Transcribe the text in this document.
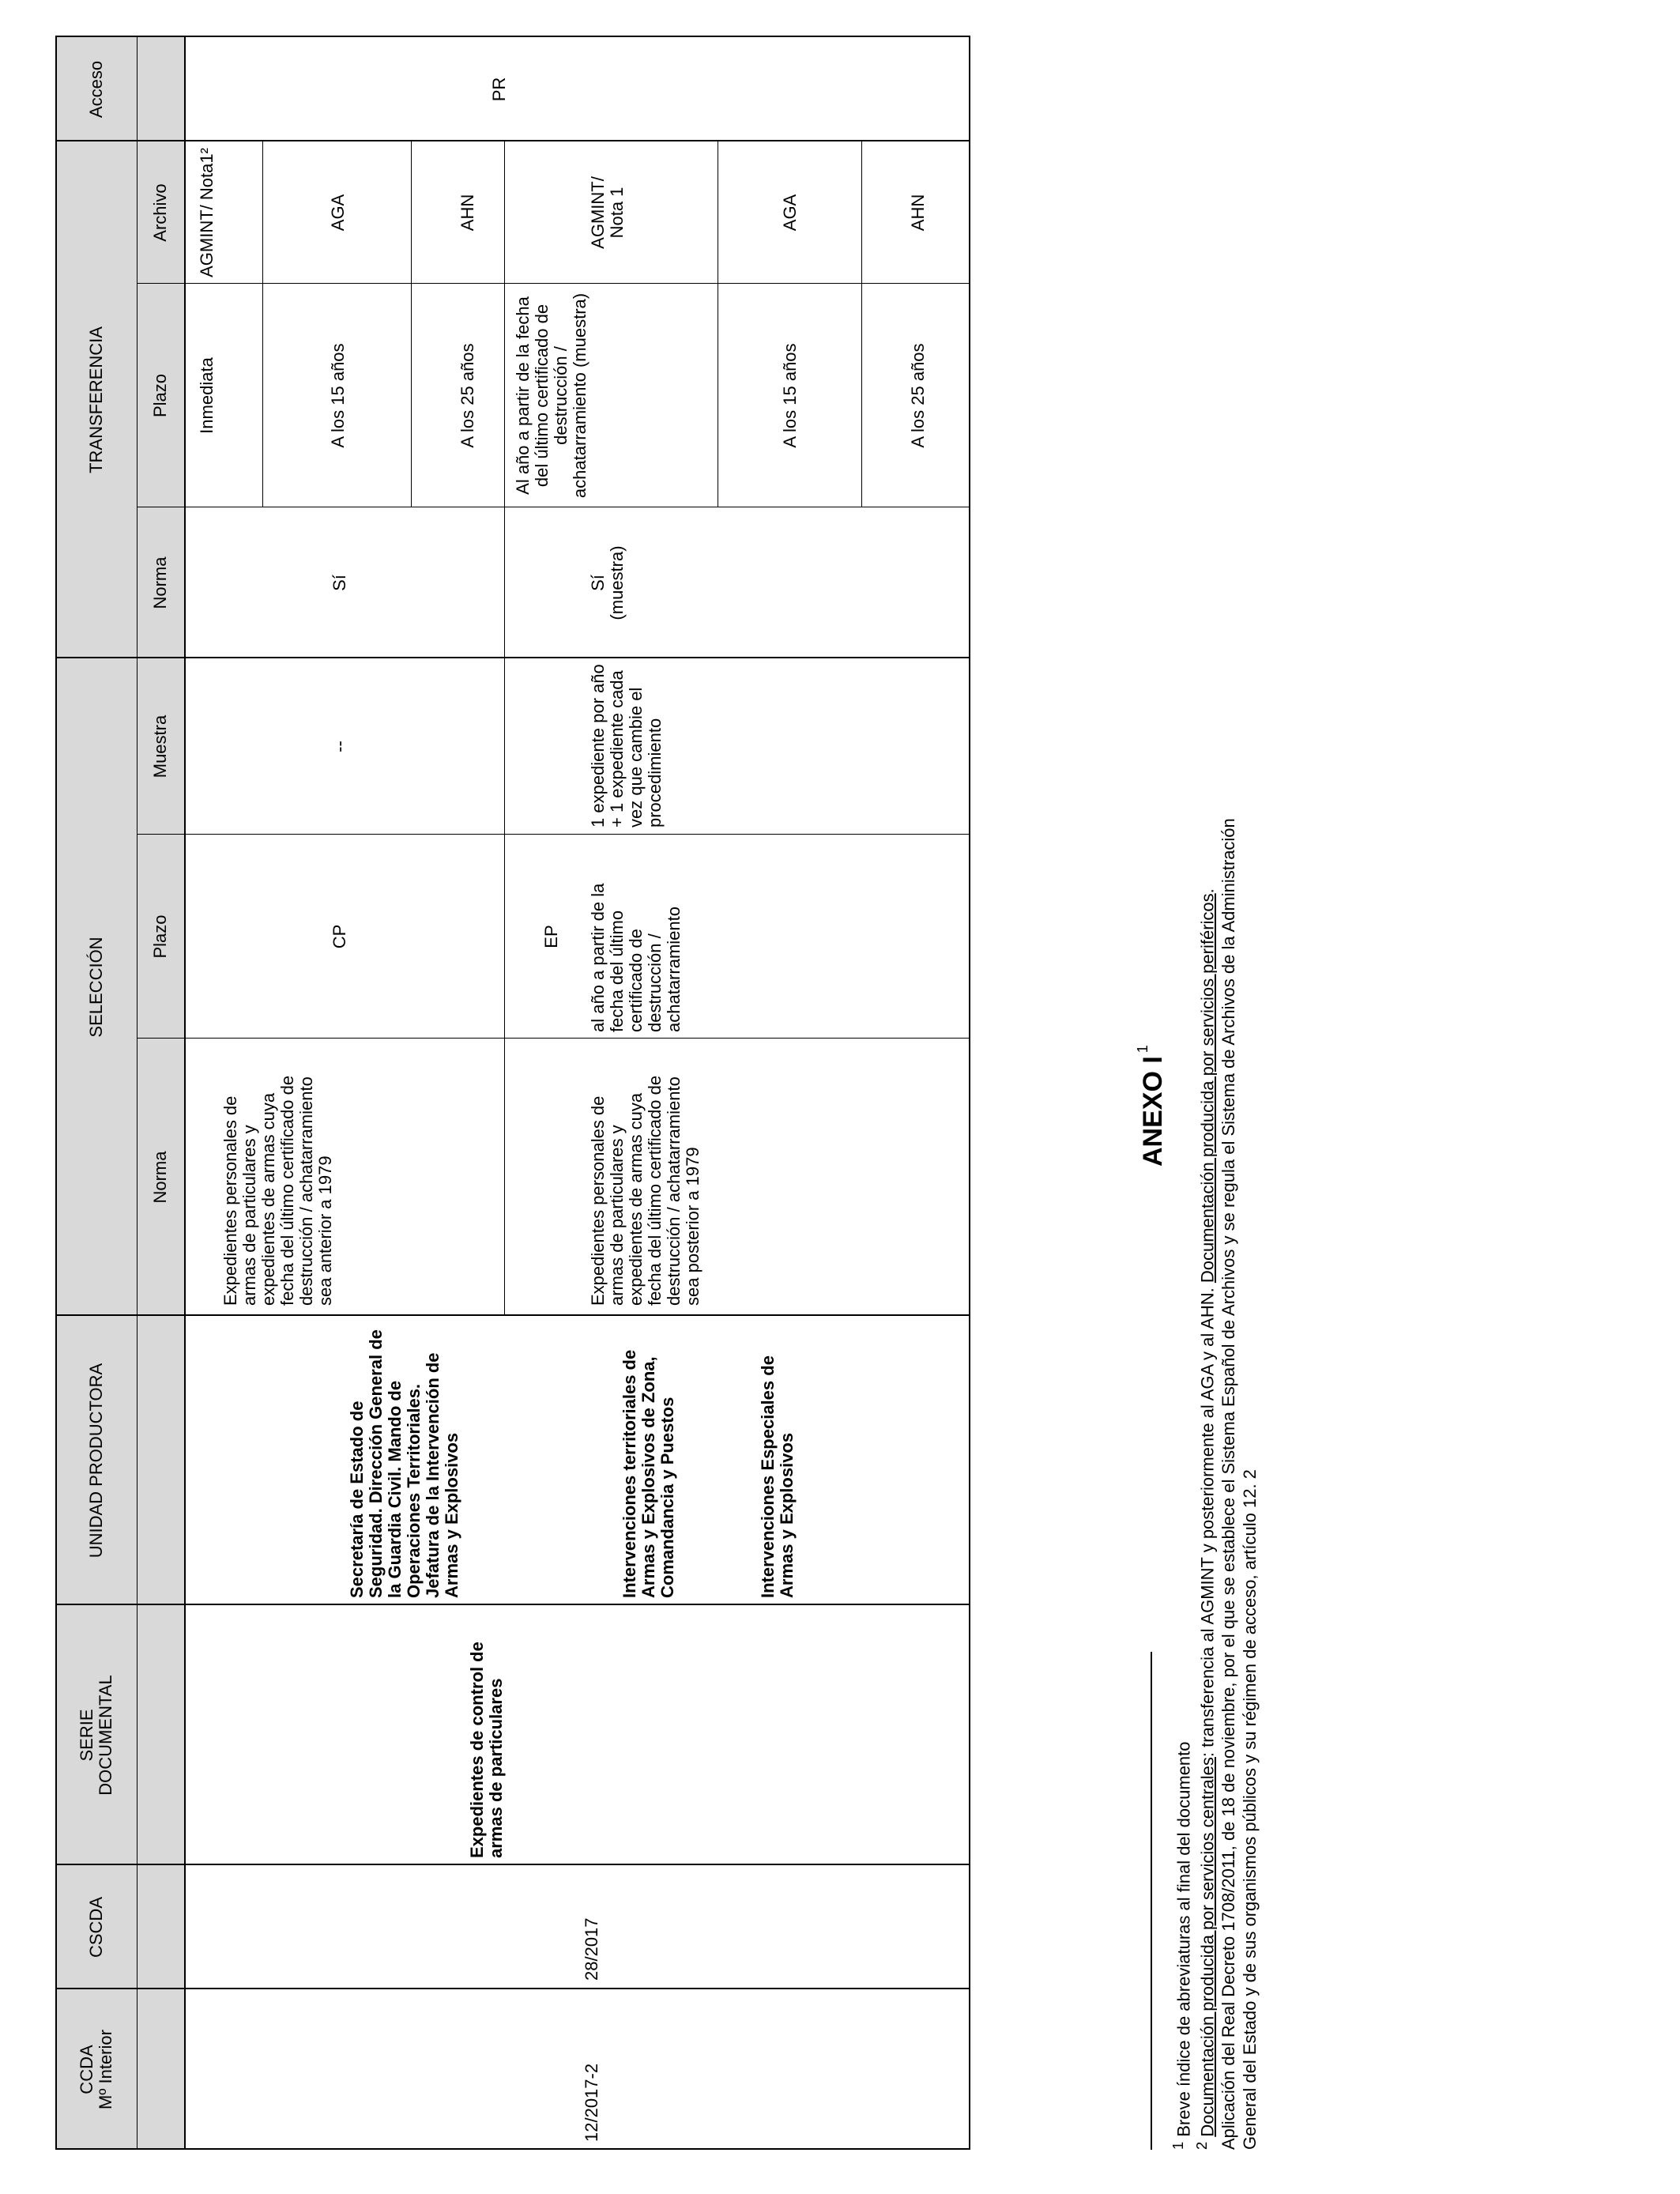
ANEXO $I^1$
CCDA
Mº Interior
CSCDA
SERIE
DOCUMENTAL
UNIDAD PRODUCTORA
SELECCIÓN
TRANSFERENCIA
Acceso
Norma
Plazo
Muestra
Norma
Plazo
Archivo
12/2017-2
28/2017
Expedientes de control de armas de particulares
Secretaría de Estado de Seguridad. Dirección General de la Guardia Civil. Mando de Operaciones Territoriales. Jefatura de la Intervención de Armas y Explosivos	Intervenciones territoriales de Armas y Explosivos de Zona, Comandancia y Puestos	Intervenciones Especiales de Armas y Explosivos
Expedientes personales de armas de particulares y expedientes de armas cuya fecha del último certificado de destrucción / achatarramiento sea anterior a 1979
CP
--
Sí
Expedientes personales de armas de particulares y expedientes de armas cuya fecha del último certificado de destrucción / achatarramiento sea posterior a 1979
EP al año a partir de la fecha del último certificado de destrucción / achatarramiento
1 expediente por año + 1 expediente cada vez que cambie el procedimiento
Sí
(muestra)
Inmediata
AGMINT/ Nota1²
A los 15 años
AGA
A los 25 años
AHN
Al año a partir de la fecha del último certificado de destrucción / achatarramiento (muestra)
AGMINT/
Nota 1
A los 15 años
AGA
A los 25 años
AHN
PR
$^1$ Breve índice de abreviaturas al final del documento
$^2$ Documentación producida por servicios centrales: transferencia al AGMINT y posteriormente al AGA y al AHN. Documentación producida por servicios periféricos. Aplicación del Real Decreto 1708/2011, de 18 de noviembre, por el que se establece el Sistema Español de Archivos y se regula el Sistema de Archivos de la Administración General del Estado y de sus organismos públicos y su régimen de acceso, artículo 12. 2
